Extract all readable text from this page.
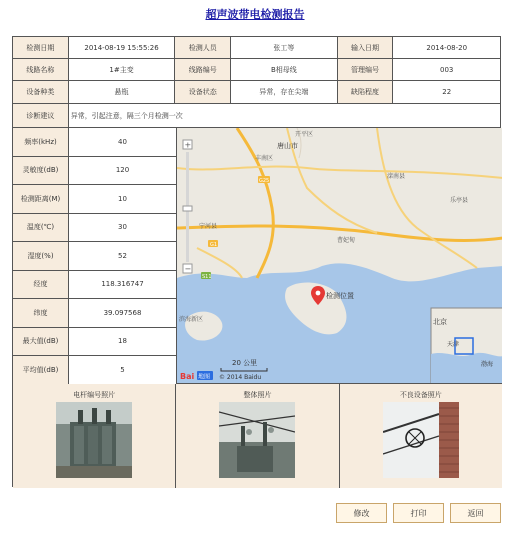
超声波带电检测报告
检测日期	2014-08-19 15:55:26	检测人员	张工等	输入日期	2014-08-20
线路名称	1#主变	线路编号	B相母线	管理编号	003
设备种类	悬瓶	设备状态	异常，存在尖端	缺陷程度	22
诊断建议	异常，引起注意，隔三个月检测一次
频率(kHz)	40
灵敏度(dB)	120
检测距离(M)	10
温度(℃)	30
湿度(%)	52
经度	118.316747
纬度	39.097568
最大值(dB)	18
平均值(dB)	5
开平区
唐山市
丰南区
滦南县
乐亭县
宁河县
曹妃甸
滨海新区
G25
G1
S11
检测位置
+
−
20 公里
Bai 地图 © 2014 Baidu
北京
天津
渤海
电杆编号照片	整体照片	不良设备照片
修改	打印	返回
